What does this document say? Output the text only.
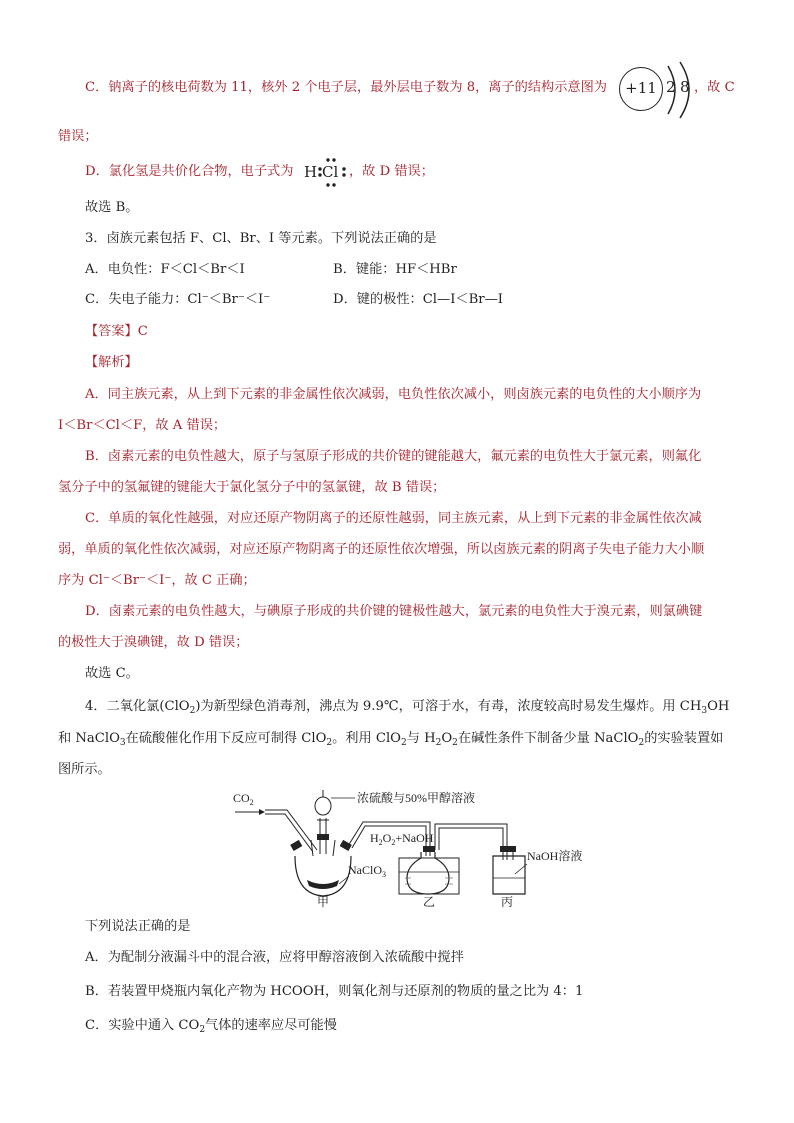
C．钠离子的核电荷数为 11，核外 2 个电子层，最外层电子数为 8，离子的结构示意图为	+11 2 8 ，故 C
错误；
D．氯化氢是共价化合物，电子式为 H Cl ，故 D 错误；
故选 B。
3．卤族元素包括 F、Cl、Br、I 等元素。下列说法正确的是
A．电负性：F＜Cl＜Br＜I	B．键能：HF＜HBr
C．失电子能力：Cl⁻＜Br⁻＜I⁻	D．键的极性：Cl—I＜Br—I
【答案】C
【解析】
A．同主族元素，从上到下元素的非金属性依次减弱，电负性依次减小，则卤族元素的电负性的大小顺序为
I＜Br＜Cl＜F，故 A 错误；
B．卤素元素的电负性越大，原子与氢原子形成的共价键的键能越大，氟元素的电负性大于氯元素，则氟化
氢分子中的氢氟键的键能大于氯化氢分子中的氢氯键，故 B 错误；
C．单质的氧化性越强，对应还原产物阴离子的还原性越弱，同主族元素，从上到下元素的非金属性依次减
弱，单质的氧化性依次减弱，对应还原产物阴离子的还原性依次增强，所以卤族元素的阴离子失电子能力大小顺
序为 Cl⁻＜Br⁻＜I⁻，故 C 正确；
D．卤素元素的电负性越大，与碘原子形成的共价键的键极性越大，氯元素的电负性大于溴元素，则氯碘键
的极性大于溴碘键，故 D 错误；
故选 C。
4．二氧化氯(ClO$_2$)为新型绿色消毒剂，沸点为 9.9℃，可溶于水，有毒，浓度较高时易发生爆炸。用 $CH_3OH$
和 NaClO$_3$在硫酸催化作用下反应可制得 ClO$_2$。利用 ClO$_2$与 $H_2O_2$在碱性条件下制备少量 NaClO$_2$的实验装置如
图所示。
$CO_2$	浓硫酸与50%甲醇溶液
$H_2O_2+NaOH$
NaOH溶液
NaClO$_3$
甲	乙	丙
下列说法正确的是
A．为配制分液漏斗中的混合液，应将甲醇溶液倒入浓硫酸中搅拌
B．若装置甲烧瓶内氧化产物为 HCOOH，则氧化剂与还原剂的物质的量之比为 4：1
C．实验中通入 $CO_2$气体的速率应尽可能慢
